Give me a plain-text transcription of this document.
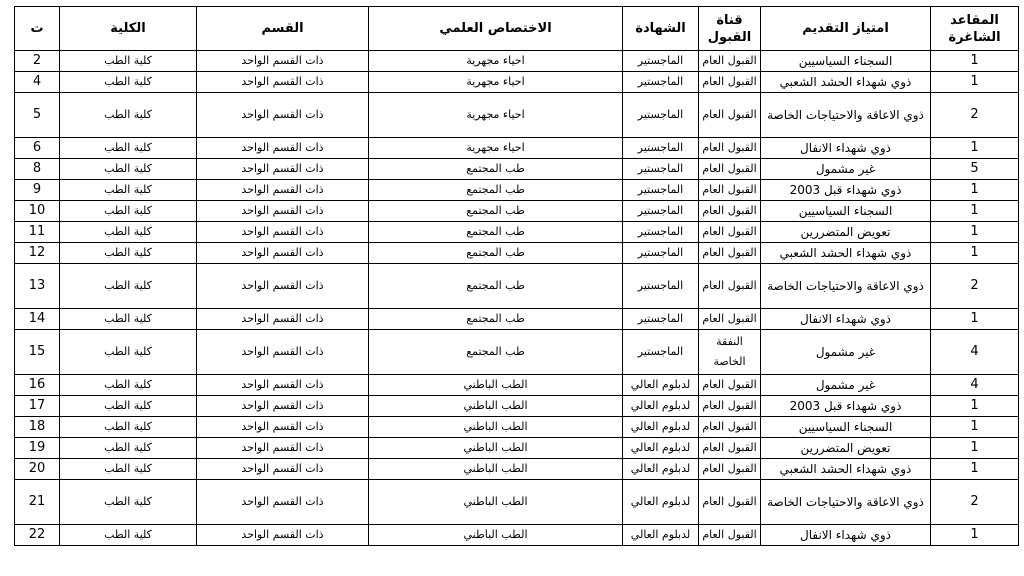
المقاعد الشاغرة	امتياز التقديم	قناة القبول	الشهادة	الاختصاص العلمي	القسم	الكلية	ت
1	السجناء السياسيين	القبول العام	الماجستير	احياء مجهرية	ذات القسم الواحد	كلية الطب	2
1	ذوي شهداء الحشد الشعبي	القبول العام	الماجستير	احياء مجهرية	ذات القسم الواحد	كلية الطب	4
2	ذوي الاعاقة والاحتياجات الخاصة	القبول العام	الماجستير	احياء مجهرية	ذات القسم الواحد	كلية الطب	5
1	ذوي شهداء الانفال	القبول العام	الماجستير	احياء مجهرية	ذات القسم الواحد	كلية الطب	6
5	غير مشمول	القبول العام	الماجستير	طب المجتمع	ذات القسم الواحد	كلية الطب	8
1	ذوي شهداء قبل 2003	القبول العام	الماجستير	طب المجتمع	ذات القسم الواحد	كلية الطب	9
1	السجناء السياسيين	القبول العام	الماجستير	طب المجتمع	ذات القسم الواحد	كلية الطب	10
1	تعويض المتضررين	القبول العام	الماجستير	طب المجتمع	ذات القسم الواحد	كلية الطب	11
1	ذوي شهداء الحشد الشعبي	القبول العام	الماجستير	طب المجتمع	ذات القسم الواحد	كلية الطب	12
2	ذوي الاعاقة والاحتياجات الخاصة	القبول العام	الماجستير	طب المجتمع	ذات القسم الواحد	كلية الطب	13
1	ذوي شهداء الانفال	القبول العام	الماجستير	طب المجتمع	ذات القسم الواحد	كلية الطب	14
4	غير مشمول	النفقة الخاصة	الماجستير	طب المجتمع	ذات القسم الواحد	كلية الطب	15
4	غير مشمول	القبول العام	لدبلوم العالي	الطب الباطني	ذات القسم الواحد	كلية الطب	16
1	ذوي شهداء قبل 2003	القبول العام	لدبلوم العالي	الطب الباطني	ذات القسم الواحد	كلية الطب	17
1	السجناء السياسيين	القبول العام	لدبلوم العالي	الطب الباطني	ذات القسم الواحد	كلية الطب	18
1	تعويض المتضررين	القبول العام	لدبلوم العالي	الطب الباطني	ذات القسم الواحد	كلية الطب	19
1	ذوي شهداء الحشد الشعبي	القبول العام	لدبلوم العالي	الطب الباطني	ذات القسم الواحد	كلية الطب	20
2	ذوي الاعاقة والاحتياجات الخاصة	القبول العام	لدبلوم العالي	الطب الباطني	ذات القسم الواحد	كلية الطب	21
1	ذوي شهداء الانفال	القبول العام	لدبلوم العالي	الطب الباطني	ذات القسم الواحد	كلية الطب	22
